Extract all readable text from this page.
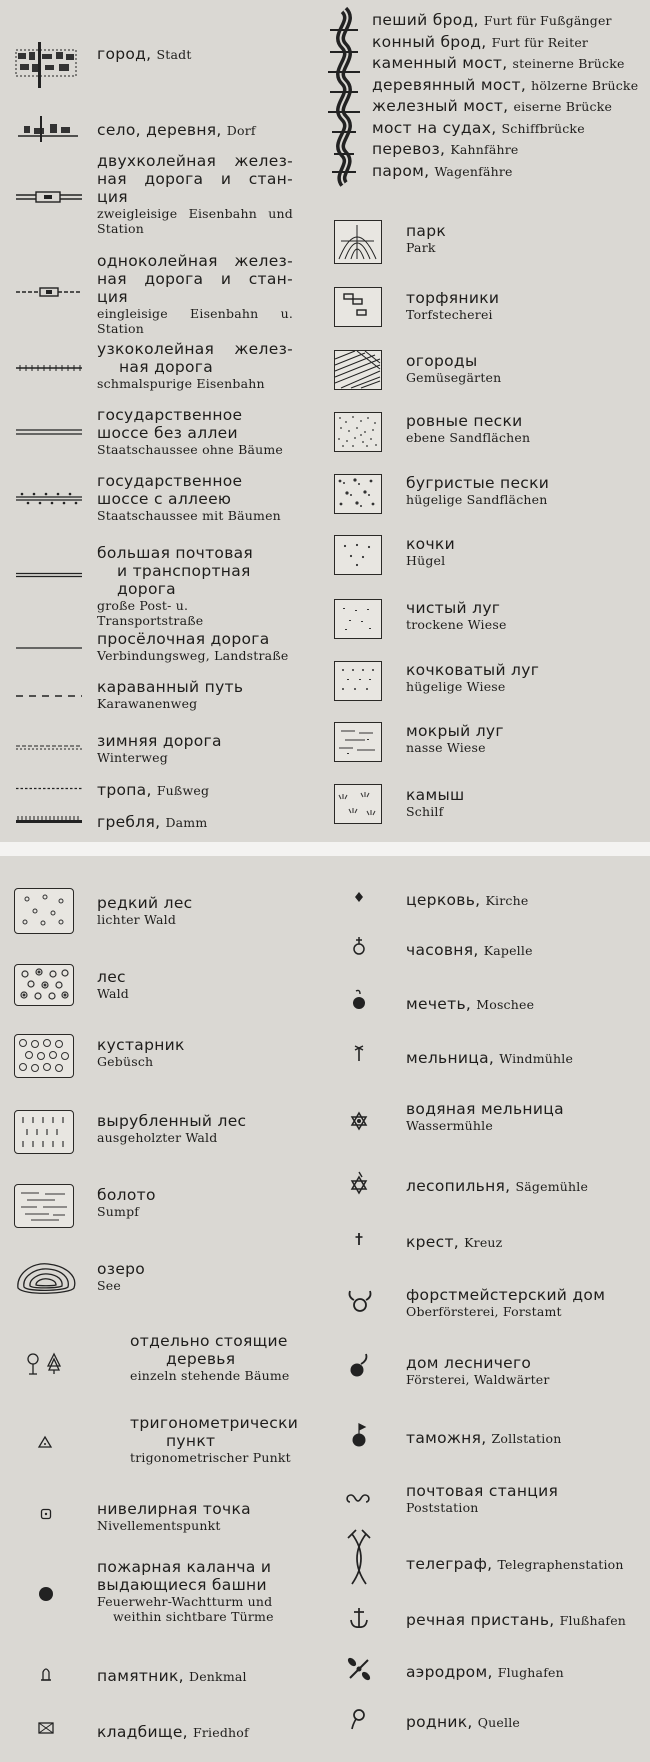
город, Stadt
село, деревня, Dorf
двухколейная желез-
ная дорога и стан-
ция
zweigleisige Eisenbahn und
Station
одноколейная желез-
ная дорога и стан-
ция
eingleisige Eisenbahn u. Station
узкоколейная желез-
ная дорога
schmalspurige Eisenbahn
государственное
шоссе без аллеи
Staatschaussee ohne Bäume
государственное
шоссе с аллеею
Staatschaussee mit Bäumen
большая почтовая
и транспортная
дорога
große Post- u. Transportstraße
просёлочная дорога
Verbindungsweg, Landstraße
караванный путь
Karawanenweg
зимняя дорога
Winterweg
тропа, Fußweg
гребля, Damm
пеший брод, Furt für Fußgänger
конный брод, Furt für Reiter
каменный мост, steinerne Brücke
деревянный мост, hölzerne Brücke
железный мост, eiserne Brücke
мост на судах, Schiffbrücke
перевоз, Kahnfähre
паром, Wagenfähre
парк
Park
торфяники
Torfstecherei
огороды
Gemüsegärten
ровные пески
ebene Sandflächen
бугристые пески
hügelige Sandflächen
кочки
Hügel
чистый луг
trockene Wiese
кочковатый луг
hügelige Wiese
мокрый луг
nasse Wiese
камыш
Schilf
редкий лес
lichter Wald
лес
Wald
кустарник
Gebüsch
вырубленный лес
ausgeholzter Wald
болото
Sumpf
озеро
See
отдельно стоящие
деревья
einzeln stehende Bäume
тригонометрически
пункт
trigonometrischer Punkt
нивелирная точка
Nivellementspunkt
пожарная каланча и
выдающиеся башни
Feuerwehr-Wachtturm und
weithin sichtbare Türme
памятник, Denkmal
кладбище, Friedhof
церковь, Kirche
часовня, Kapelle
мечеть, Moschee
мельница, Windmühle
водяная мельница
Wassermühle
лесопильня, Sägemühle
крест, Kreuz
форстмейстерский дом
Oberförsterei, Forstamt
дом лесничего
Försterei, Waldwärter
таможня, Zollstation
почтовая станция
Poststation
телеграф, Telegraphenstation
речная пристань, Flußhafen
аэродром, Flughafen
родник, Quelle
